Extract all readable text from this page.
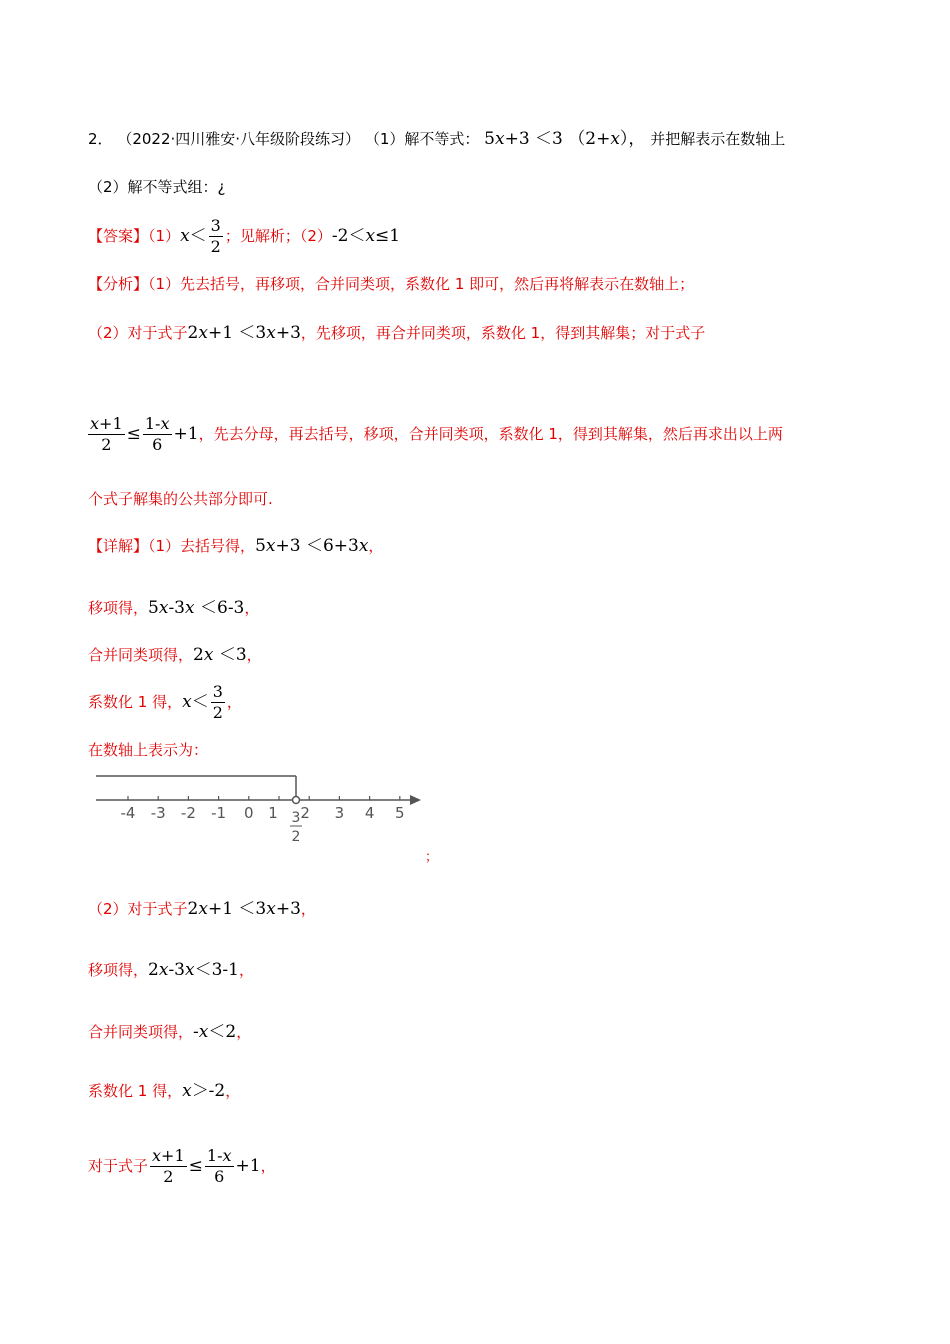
2． （2022·四川雅安·八年级阶段练习） （1）解不等式： 5x+3 ＜3 （2+x）， 并把解表示在数轴上
（2）解不等式组：¿
【答案】$(1)x< \frac{3}{2}$ ；见解析；（2）-2＜x≤1
【分析】（1）先去括号，再移项，合并同类项，系数化 1 即可，然后再将解表示在数轴上；
（2）对于式子2x+1 ＜3x+3，先移项，再合并同类项，系数化 1，得到其解集；对于式子
$\frac{x+1}{2} \le \frac{1-x}{6} +1$，先去分母，再去括号，移项，合并同类项，系数化 1，得到其解集，然后再求出以上两
个式子解集的公共部分即可.
【详解】（1）去括号得，5x+3 ＜6+3x，
移项得，5x-3x ＜6-3，
合并同类项得，2x ＜3，
系数化 1 得，$x< \frac{3}{2}$ ，
在数轴上表示为：
-4 -3 -2 -1 0 1 2 3 4 5
3
2
；
（2）对于式子2x+1 ＜3x+3，
移项得，2x-3x＜3-1，
合并同类项得，-x＜2，
系数化 1 得，x＞-2，
对于式子 $\frac{x+1}{2} \le \frac{1-x}{6} +1$，
